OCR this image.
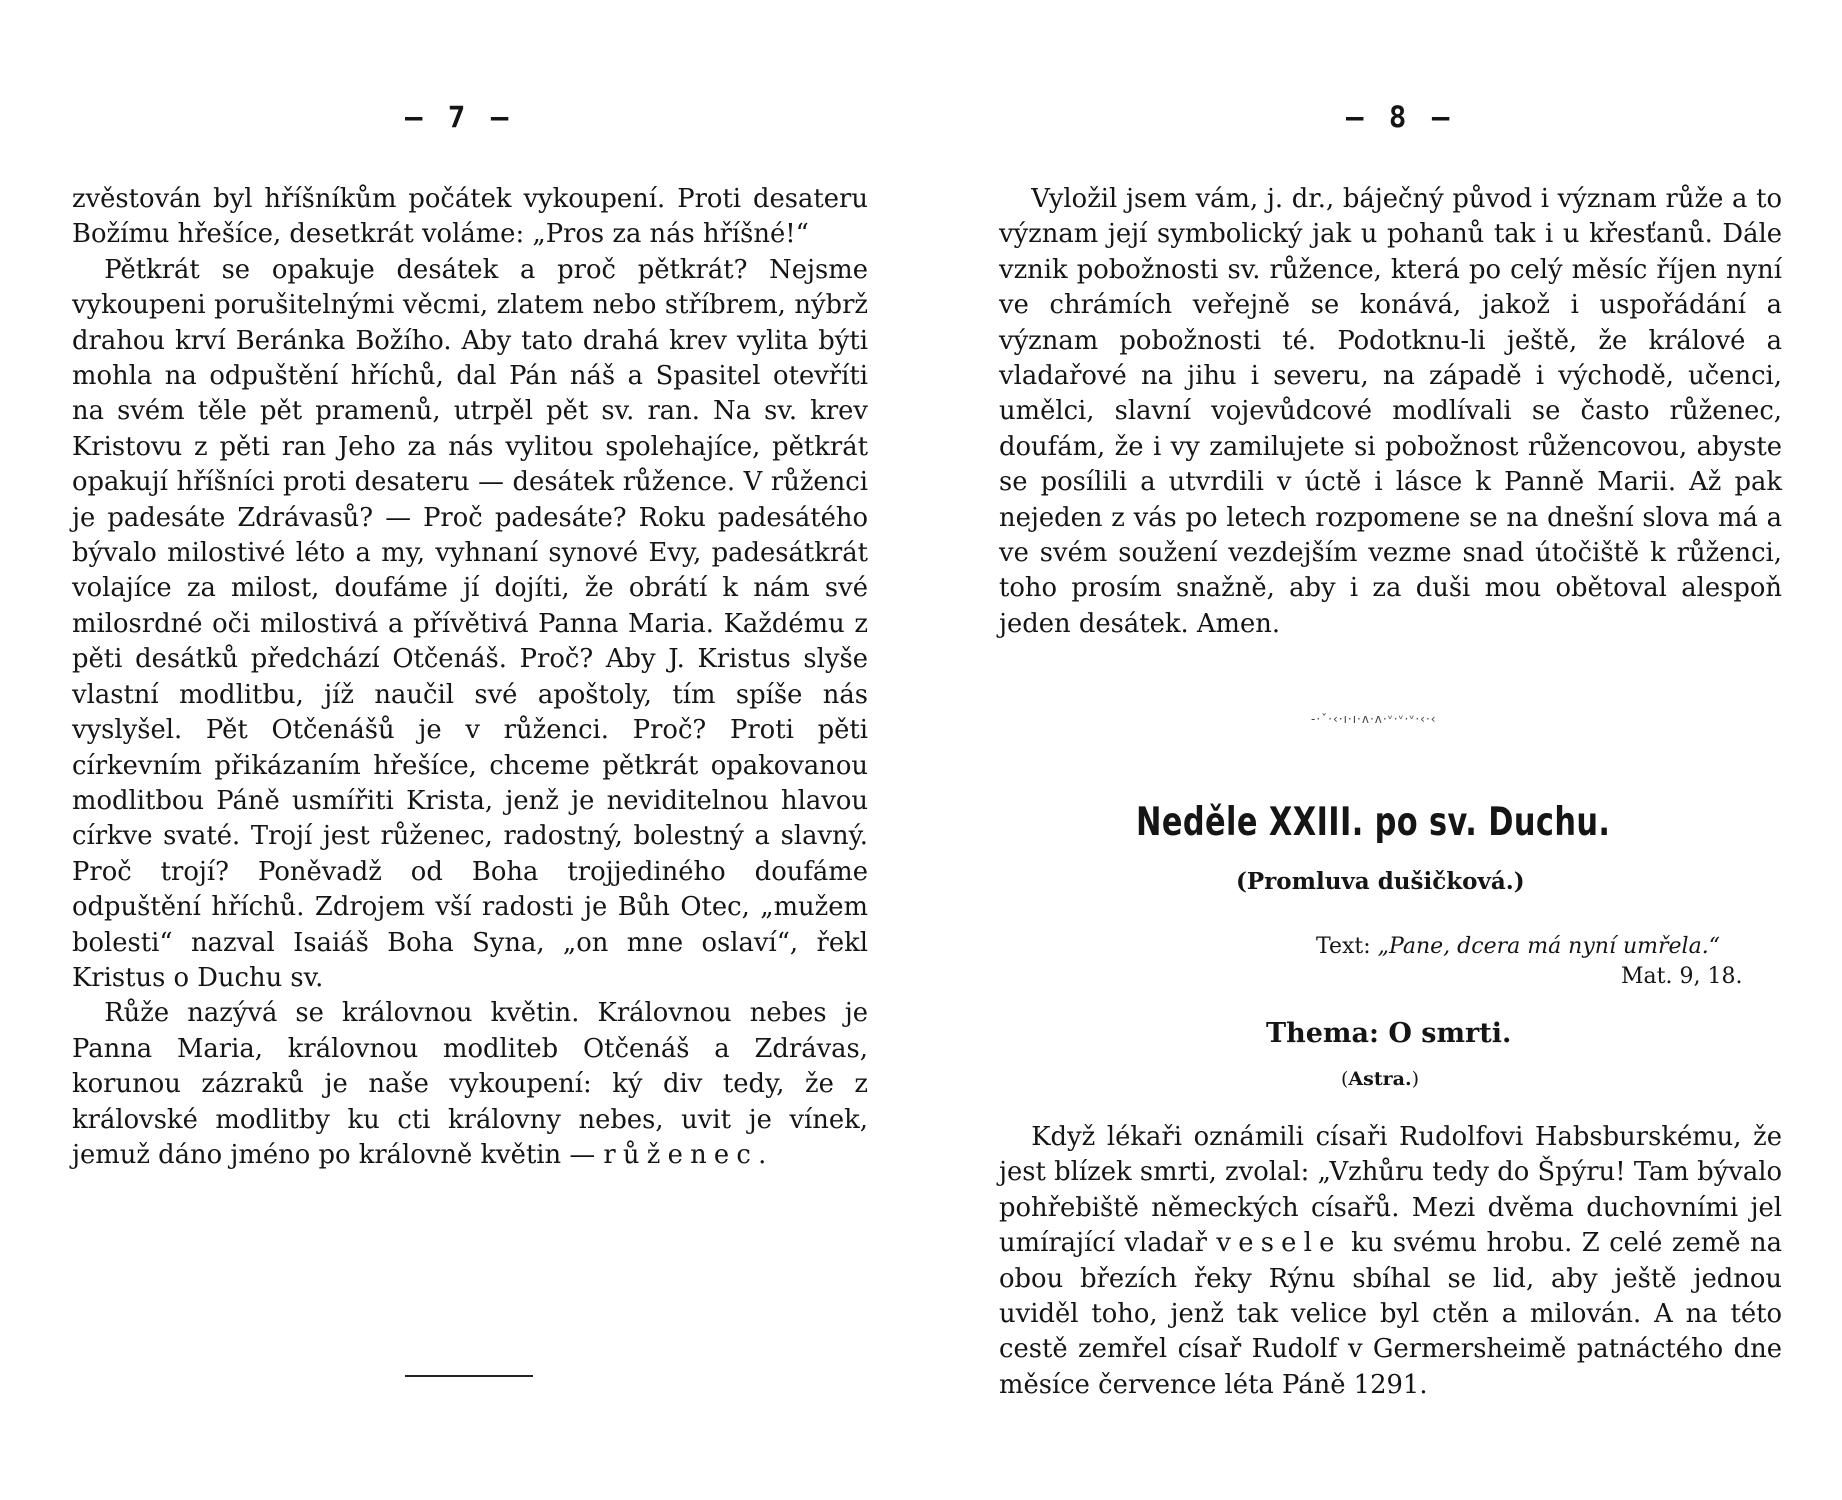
— 7 —

zvěstován byl hříšníkům počátek vykoupení. Proti desateru Božímu hřešíce, desetkrát voláme: „Pros za nás hříšné!“

Pětkrát se opakuje desátek a proč pětkrát? Nejsme vykoupeni porušitelnými věcmi, zlatem nebo stříbrem, nýbrž drahou krví Beránka Božího. Aby tato drahá krev vylita býti mohla na odpuštění hříchů, dal Pán náš a Spasitel otevříti na svém těle pět pramenů, utrpěl pět sv. ran. Na sv. krev Kristovu z pěti ran Jeho za nás vylitou spolehajíce, pětkrát opakují hříšníci proti desateru — desátek růžence. V růženci je padesáte Zdrávasů? — Proč padesáte? Roku padesátého bývalo milostivé léto a my, vyhnaní synové Evy, padesátkrát volajíce za milost, doufáme jí dojíti, že obrátí k nám své milosrdné oči milostivá a přívětivá Panna Maria. Každému z pěti desátků předchází Otčenáš. Proč? Aby J. Kristus slyše vlastní modlitbu, jíž naučil své apoštoly, tím spíše nás vyslyšel. Pět Otčenášů je v růženci. Proč? Proti pěti církevním přikázaním hřešíce, chceme pětkrát opakovanou modlitbou Páně usmířiti Krista, jenž je neviditelnou hlavou církve svaté. Trojí jest růženec, radostný, bolestný a slavný. Proč trojí? Poněvadž od Boha trojjediného doufáme odpuštění hříchů. Zdrojem vší radosti je Bůh Otec, „mužem bolesti“ nazval Isaiáš Boha Syna, „on mne oslaví“, řekl Kristus o Duchu sv.

Růže nazývá se královnou květin. Královnou nebes je Panna Maria, královnou modliteb Otčenáš a Zdrávas, korunou zázraků je naše vykoupení: ký div tedy, že z královské modlitby ku cti královny nebes, uvit je vínek, jemuž dáno jméno po královně květin — růženec.

— 8 —

Vyložil jsem vám, j. dr., báječný původ i význam růže a to význam její symbolický jak u pohanů tak i u křesťanů. Dále vznik pobožnosti sv. růžence, která po celý měsíc říjen nyní ve chrámích veřejně se konává, jakož i uspořádání a význam pobožnosti té. Podotknu-li ještě, že králové a vladařové na jihu i severu, na západě i východě, učenci, umělci, slavní vojevůdcové modlívali se často růženec, doufám, že i vy zamilujete si pobožnost růžencovou, abyste se posílili a utvrdili v úctě i lásce k Panně Marii. Až pak nejeden z vás po letech rozpomene se na dnešní slova má a ve svém soužení vezdejším vezme snad útočiště k růženci, toho prosím snažně, aby i za duši mou obětoval alespoň jeden desátek. Amen.

-·ˇ·‹·ı·ı·ʌ·ʌ·ᵛ·ᵛ·ᵛ·‹·‹
Neděle XXIII. po sv. Duchu.
(Promluva dušičková.)
Text: „Pane, dcera má nyní umřela.“
Mat. 9, 18.
Thema: O smrti.
(Astra.)

Když lékaři oznámili císaři Rudolfovi Habsburskému, že jest blízek smrti, zvolal: „Vzhůru tedy do Špýru! Tam bývalo pohřebiště německých císařů. Mezi dvěma duchovními jel umírající vladař vesele ku svému hrobu. Z celé země na obou březích řeky Rýnu sbíhal se lid, aby ještě jednou uviděl toho, jenž tak velice byl ctěn a milován. A na této cestě zemřel císař Rudolf v Germersheimě patnáctého dne měsíce července léta Páně 1291.
